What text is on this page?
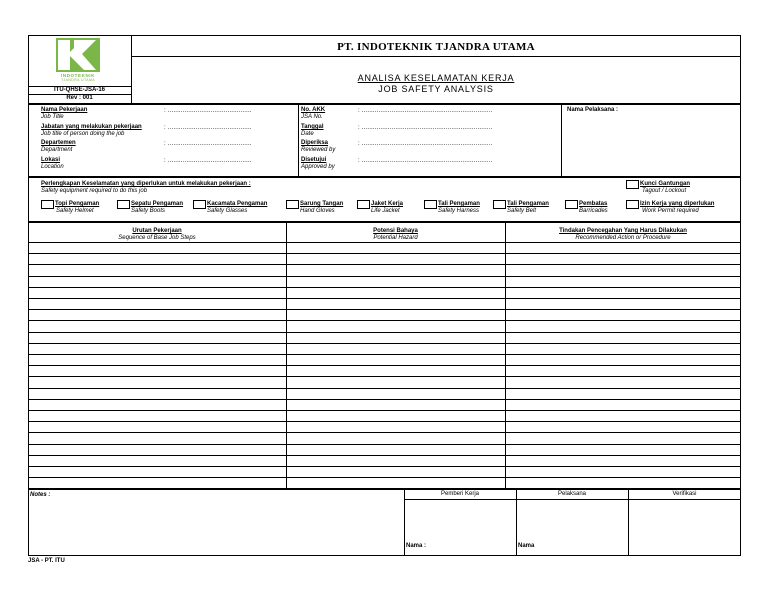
INDOTEKNIK
TJANDRA UTAMA
ITU-QHSE-JSA-16
Rev : 001
PT. INDOTEKNIK TJANDRA UTAMA
ANALISA KESELAMATAN KERJA
JOB SAFETY ANALYSIS
Nama Pekerjaan
Job Title
: .............................................
Jabatan yang melakukan pekerjaan
Job title of person doing the job
: .............................................
Departemen
Department
: .............................................
Lokasi
Location
: .............................................
No. AKK
JSA No.
: ......................................................................
Tanggal
Date
: ......................................................................
Diperiksa
Reviewed by
: ......................................................................
Disetujui
Approved by
: ......................................................................
Nama Pelaksana :
Perlengkapan Keselamatan yang diperlukan untuk melakukan pekerjaan :
Safety equipment required to do this job
Kunci Gantungan
Tagout / Lockout
Izin Kerja yang diperlukan
Work Permit required
Topi Pengaman
Safety Helmet
Sepatu Pengaman
Safety Boots
Kacamata Pengaman
Safety Glasses
Sarung Tangan
Hand Gloves
Jaket Kerja
Life Jacket
Tali Pengaman
Safety Harness
Tali Pengaman
Safety Belt
Pembatas
Barricades
Urutan Pekerjaan
Sequence of Base Job Steps
Potensi Bahaya
Potential Hazard
Tindakan Pencegahan Yang Harus Dilakukan
Recommended Action or Procedure
Notes :	Pemberi Kerja	Pelaksana	Verifikasi
Nama :	Nama
JSA - PT. ITU
